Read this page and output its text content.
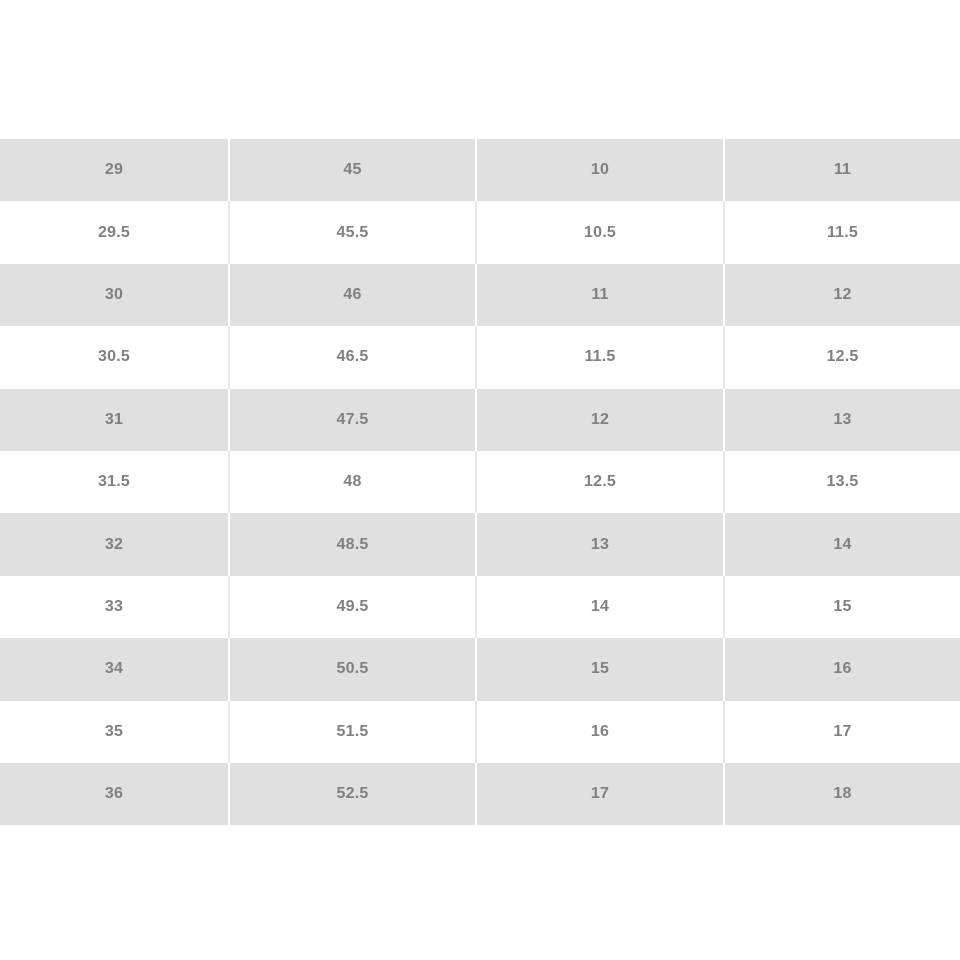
29	45	10	11
29.5	45.5	10.5	11.5
30	46	11	12
30.5	46.5	11.5	12.5
31	47.5	12	13
31.5	48	12.5	13.5
32	48.5	13	14
33	49.5	14	15
34	50.5	15	16
35	51.5	16	17
36	52.5	17	18
